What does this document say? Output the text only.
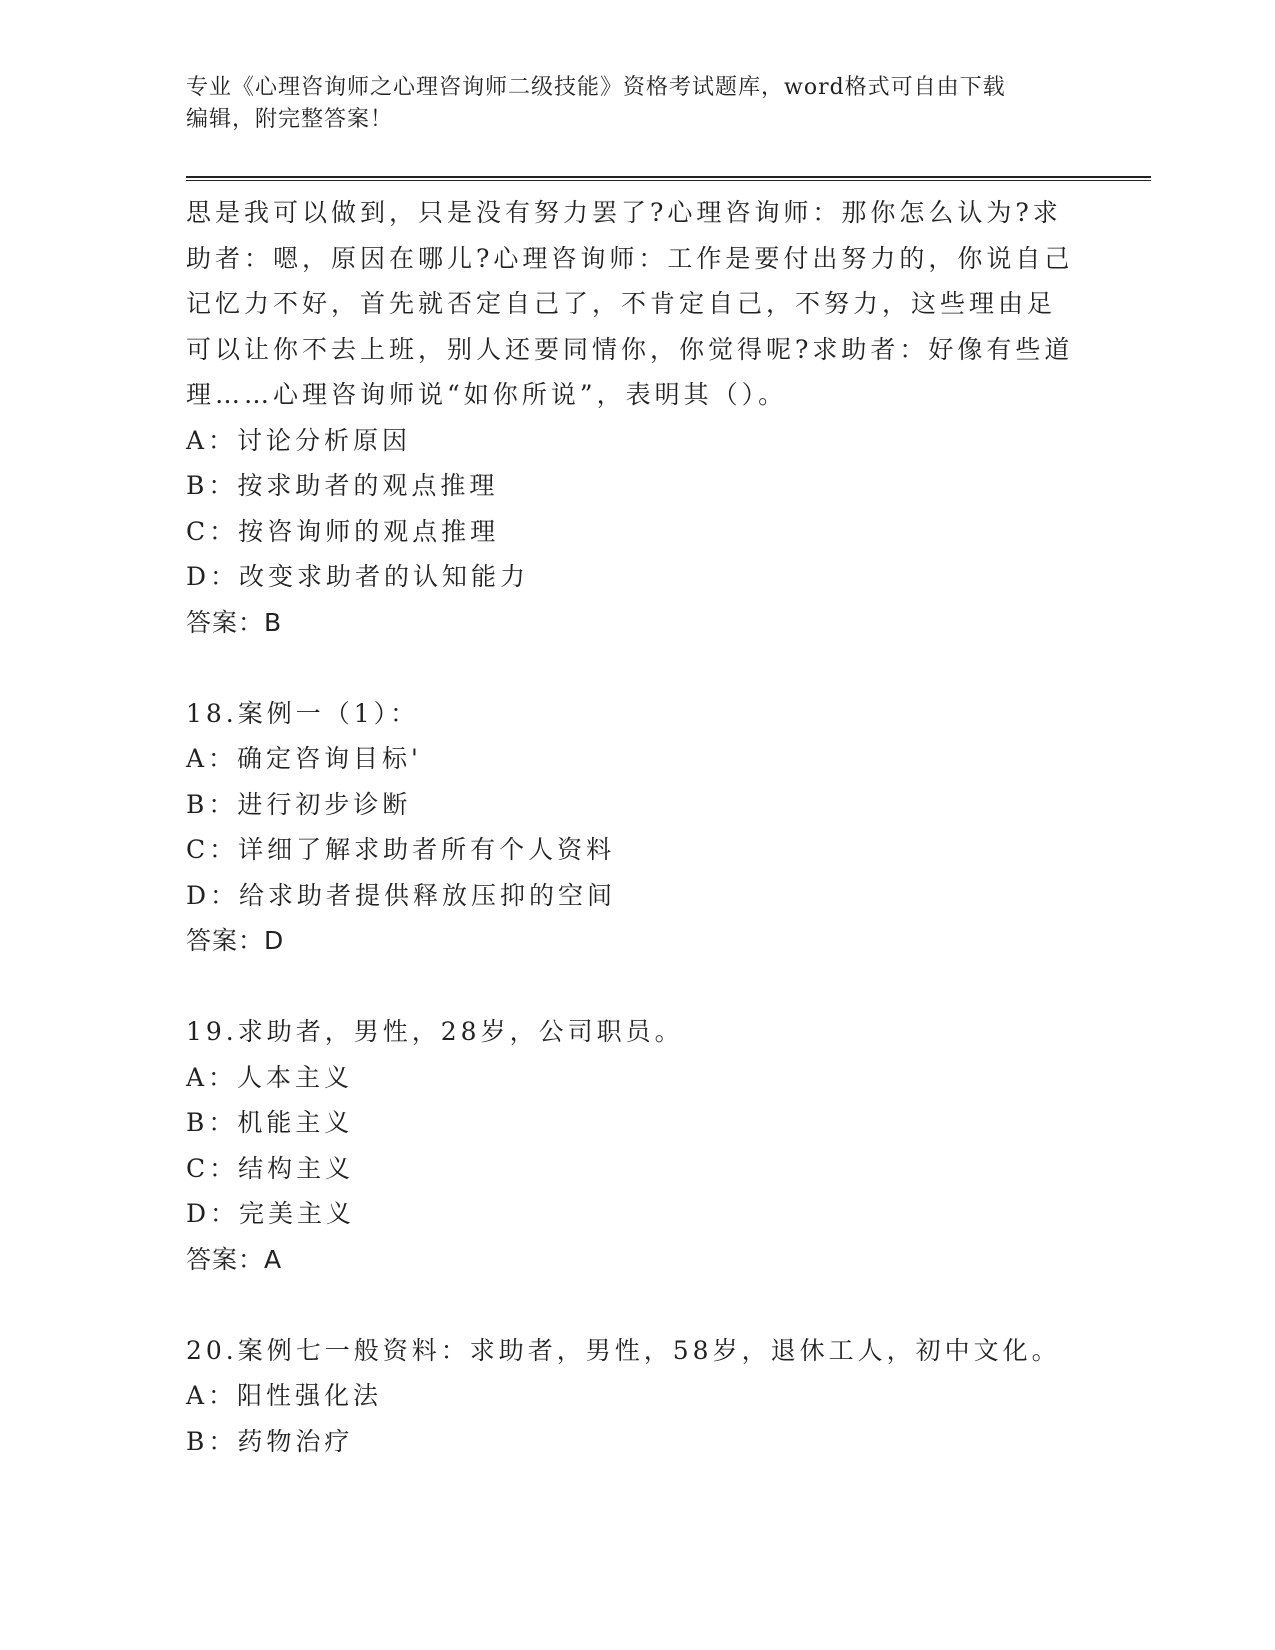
专业《心理咨询师之心理咨询师二级技能》资格考试题库，word格式可自由下载
编辑，附完整答案！
思是我可以做到，只是没有努力罢了?心理咨询师：那你怎么认为?求
助者：嗯，原因在哪儿?心理咨询师：工作是要付出努力的，你说自己
记忆力不好，首先就否定自己了，不肯定自己，不努力，这些理由足
可以让你不去上班，别人还要同情你，你觉得呢?求助者：好像有些道
理……心理咨询师说“如你所说”，表明其（）。
A：讨论分析原因
B：按求助者的观点推理
C：按咨询师的观点推理
D：改变求助者的认知能力
答案：B
18.案例一（1）：
A：确定咨询目标'
B：进行初步诊断
C：详细了解求助者所有个人资料
D：给求助者提供释放压抑的空间
答案：D
19.求助者，男性，28岁，公司职员。
A：人本主义
B：机能主义
C：结构主义
D：完美主义
答案：A
20.案例七一般资料：求助者，男性，58岁，退休工人，初中文化。
A：阳性强化法
B：药物治疗
